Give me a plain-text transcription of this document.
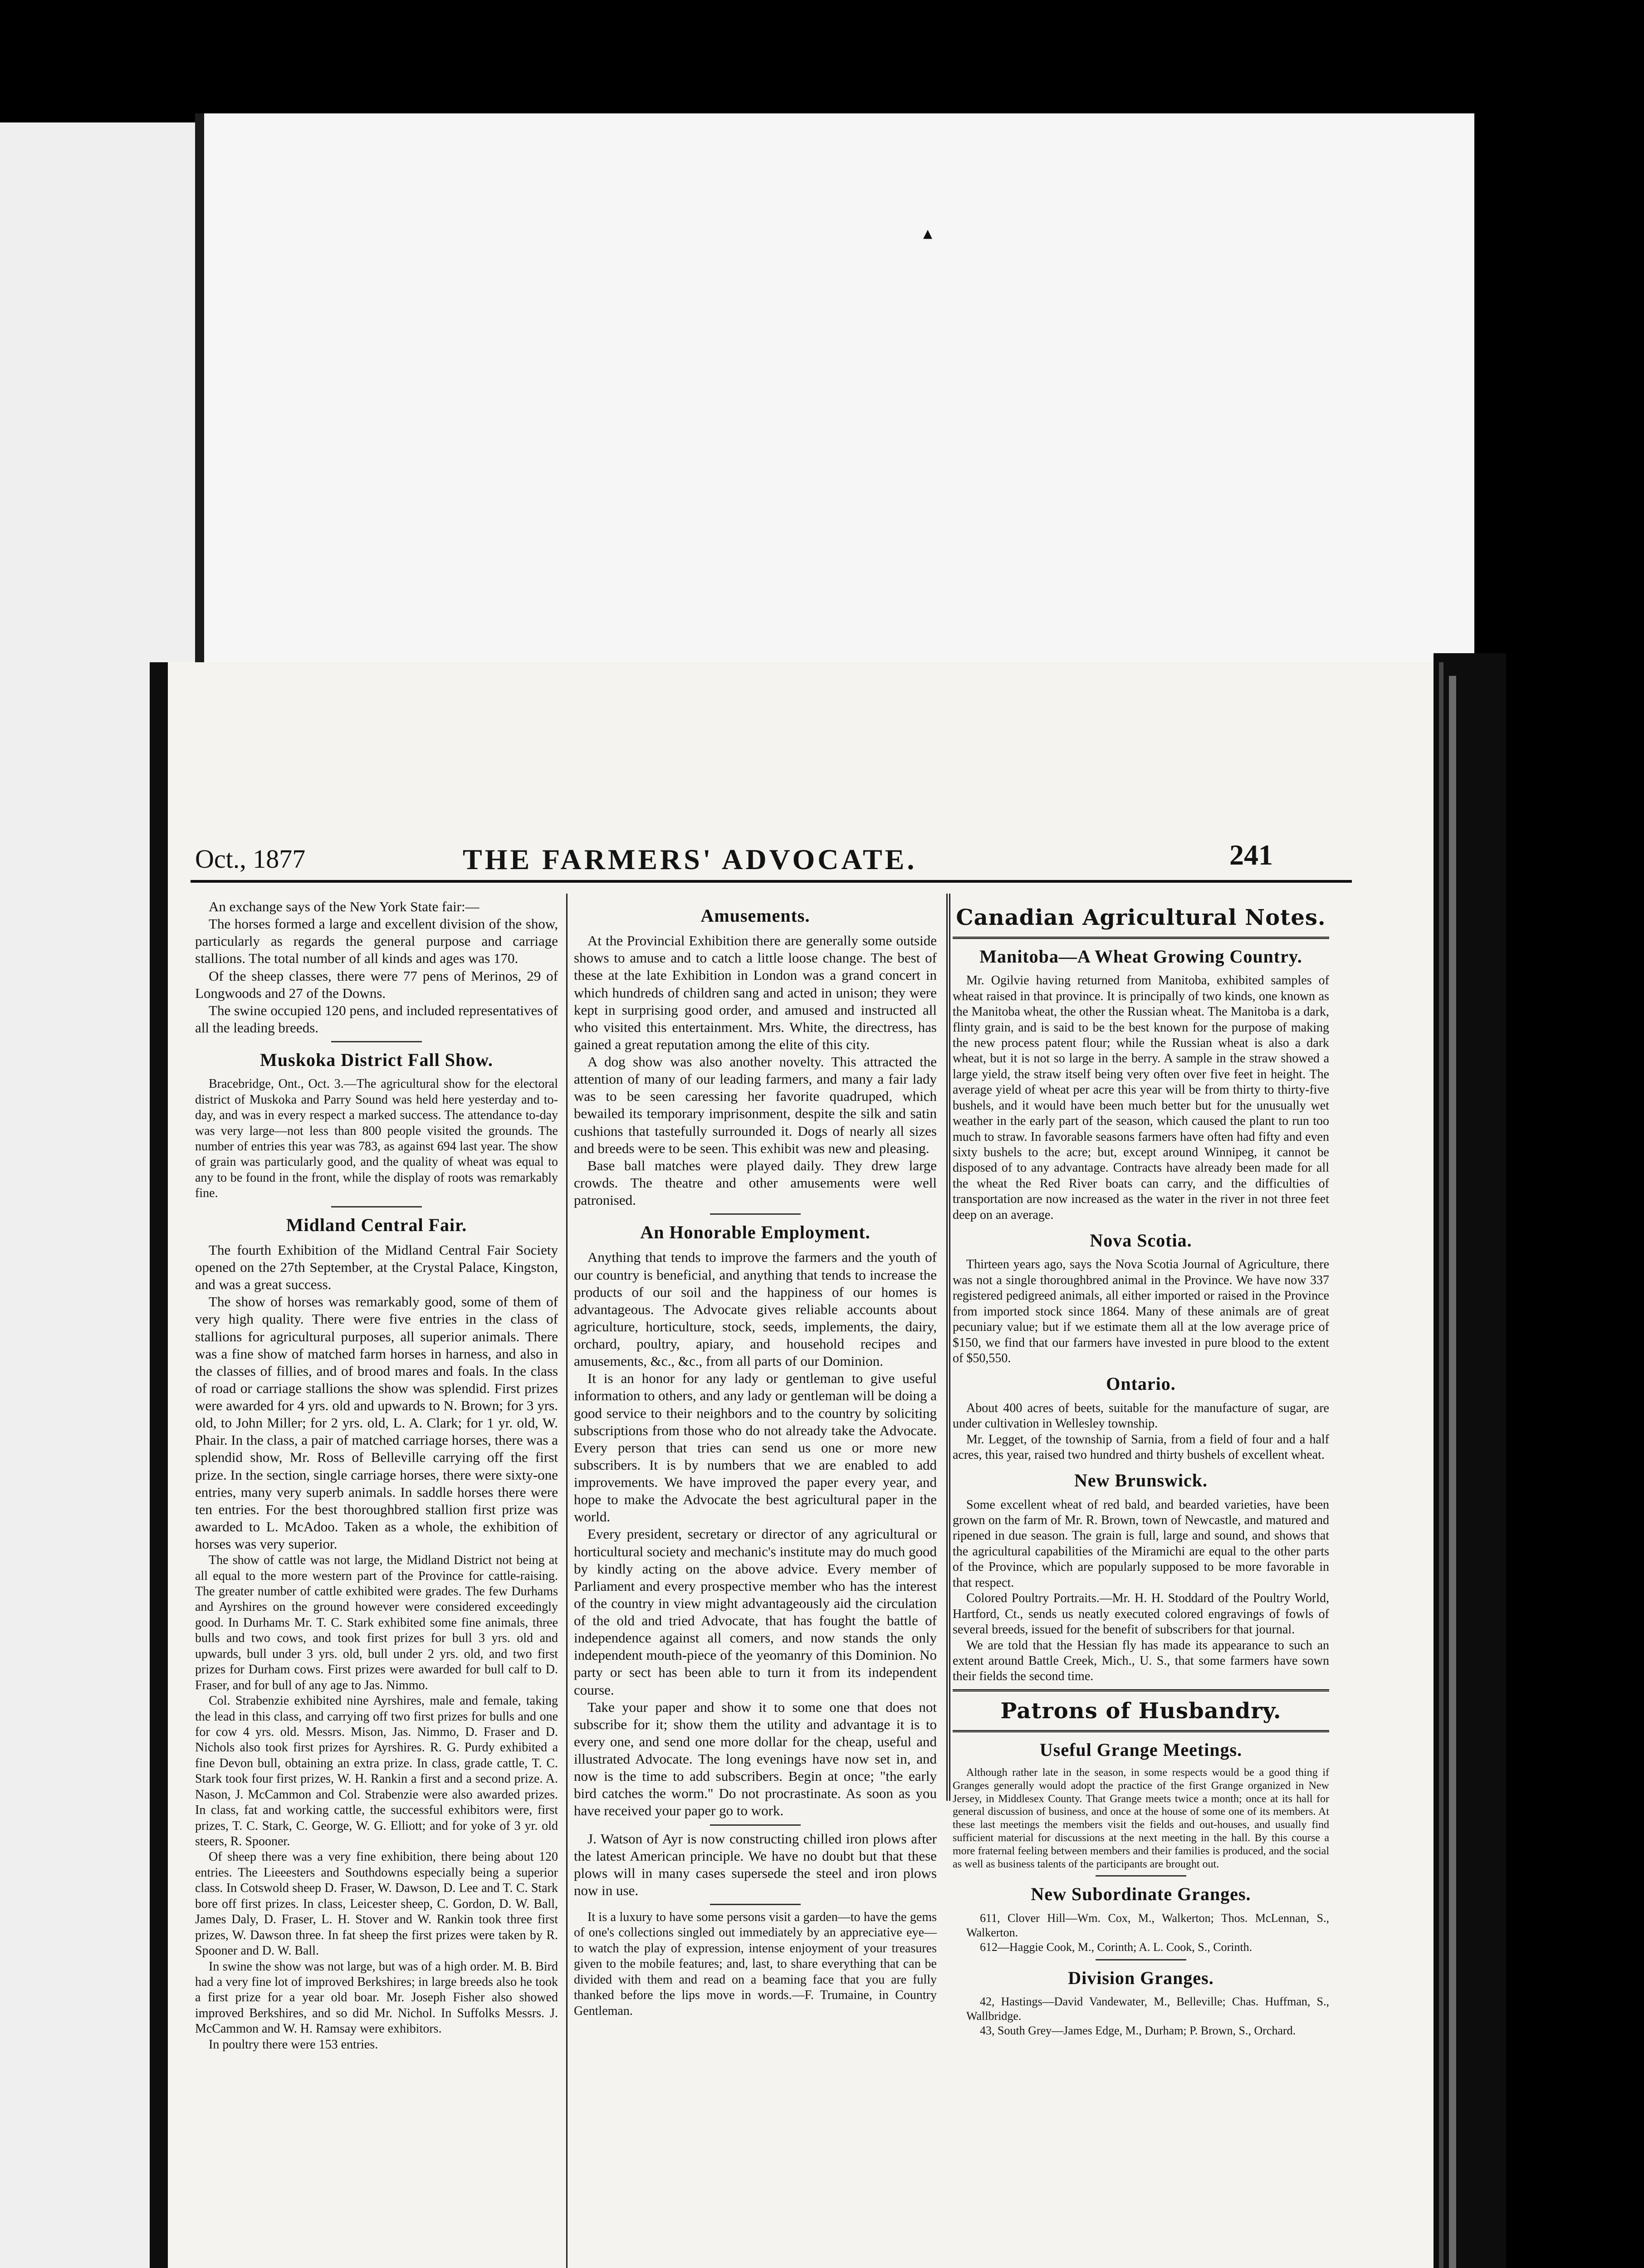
▴
Oct., 1877	THE FARMERS' ADVOCATE.	241

An exchange says of the New York State fair:—

The horses formed a large and excellent division of the show, particularly as regards the general purpose and carriage stallions. The total number of all kinds and ages was 170.

Of the sheep classes, there were 77 pens of Merinos, 29 of Longwoods and 27 of the Downs.

The swine occupied 120 pens, and included representatives of all the leading breeds.

Muskoka District Fall Show.

Bracebridge, Ont., Oct. 3.—The agricultural show for the electoral district of Muskoka and Parry Sound was held here yesterday and to-day, and was in every respect a marked success. The attendance to-day was very large—not less than 800 people visited the grounds. The number of entries this year was 783, as against 694 last year. The show of grain was particularly good, and the quality of wheat was equal to any to be found in the front, while the display of roots was remarkably fine.

Midland Central Fair.

The fourth Exhibition of the Midland Central Fair Society opened on the 27th September, at the Crystal Palace, Kingston, and was a great success.

The show of horses was remarkably good, some of them of very high quality. There were five entries in the class of stallions for agricultural purposes, all superior animals. There was a fine show of matched farm horses in harness, and also in the classes of fillies, and of brood mares and foals. In the class of road or carriage stallions the show was splendid. First prizes were awarded for 4 yrs. old and upwards to N. Brown; for 3 yrs. old, to John Miller; for 2 yrs. old, L. A. Clark; for 1 yr. old, W. Phair. In the class, a pair of matched carriage horses, there was a splendid show, Mr. Ross of Belleville carrying off the first prize. In the section, single carriage horses, there were sixty-one entries, many very superb animals. In saddle horses there were ten entries. For the best thoroughbred stallion first prize was awarded to L. McAdoo. Taken as a whole, the exhibition of horses was very superior.

The show of cattle was not large, the Midland District not being at all equal to the more western part of the Province for cattle-raising. The greater number of cattle exhibited were grades. The few Durhams and Ayrshires on the ground however were considered exceedingly good. In Durhams Mr. T. C. Stark exhibited some fine animals, three bulls and two cows, and took first prizes for bull 3 yrs. old and upwards, bull under 3 yrs. old, bull under 2 yrs. old, and two first prizes for Durham cows. First prizes were awarded for bull calf to D. Fraser, and for bull of any age to Jas. Nimmo.

Col. Strabenzie exhibited nine Ayrshires, male and female, taking the lead in this class, and carrying off two first prizes for bulls and one for cow 4 yrs. old. Messrs. Mison, Jas. Nimmo, D. Fraser and D. Nichols also took first prizes for Ayrshires. R. G. Purdy exhibited a fine Devon bull, obtaining an extra prize. In class, grade cattle, T. C. Stark took four first prizes, W. H. Rankin a first and a second prize. A. Nason, J. McCammon and Col. Strabenzie were also awarded prizes. In class, fat and working cattle, the successful exhibitors were, first prizes, T. C. Stark, C. George, W. G. Elliott; and for yoke of 3 yr. old steers, R. Spooner.

Of sheep there was a very fine exhibition, there being about 120 entries. The Lieeesters and Southdowns especially being a superior class. In Cotswold sheep D. Fraser, W. Dawson, D. Lee and T. C. Stark bore off first prizes. In class, Leicester sheep, C. Gordon, D. W. Ball, James Daly, D. Fraser, L. H. Stover and W. Rankin took three first prizes, W. Dawson three. In fat sheep the first prizes were taken by R. Spooner and D. W. Ball.

In swine the show was not large, but was of a high order. M. B. Bird had a very fine lot of improved Berkshires; in large breeds also he took a first prize for a year old boar. Mr. Joseph Fisher also showed improved Berkshires, and so did Mr. Nichol. In Suffolks Messrs. J. McCammon and W. H. Ramsay were exhibitors.

In poultry there were 153 entries.

Amusements.

At the Provincial Exhibition there are generally some outside shows to amuse and to catch a little loose change. The best of these at the late Exhibition in London was a grand concert in which hundreds of children sang and acted in unison; they were kept in surprising good order, and amused and instructed all who visited this entertainment. Mrs. White, the directress, has gained a great reputation among the elite of this city.

A dog show was also another novelty. This attracted the attention of many of our leading farmers, and many a fair lady was to be seen caressing her favorite quadruped, which bewailed its temporary imprisonment, despite the silk and satin cushions that tastefully surrounded it. Dogs of nearly all sizes and breeds were to be seen. This exhibit was new and pleasing.

Base ball matches were played daily. They drew large crowds. The theatre and other amusements were well patronised.

An Honorable Employment.

Anything that tends to improve the farmers and the youth of our country is beneficial, and anything that tends to increase the products of our soil and the happiness of our homes is advantageous. The Advocate gives reliable accounts about agriculture, horticulture, stock, seeds, implements, the dairy, orchard, poultry, apiary, and household recipes and amusements, &c., &c., from all parts of our Dominion.

It is an honor for any lady or gentleman to give useful information to others, and any lady or gentleman will be doing a good service to their neighbors and to the country by soliciting subscriptions from those who do not already take the Advocate. Every person that tries can send us one or more new subscribers. It is by numbers that we are enabled to add improvements. We have improved the paper every year, and hope to make the Advocate the best agricultural paper in the world.

Every president, secretary or director of any agricultural or horticultural society and mechanic's institute may do much good by kindly acting on the above advice. Every member of Parliament and every prospective member who has the interest of the country in view might advantageously aid the circulation of the old and tried Advocate, that has fought the battle of independence against all comers, and now stands the only independent mouth-piece of the yeomanry of this Dominion. No party or sect has been able to turn it from its independent course.

Take your paper and show it to some one that does not subscribe for it; show them the utility and advantage it is to every one, and send one more dollar for the cheap, useful and illustrated Advocate. The long evenings have now set in, and now is the time to add subscribers. Begin at once; "the early bird catches the worm." Do not procrastinate. As soon as you have received your paper go to work.

J. Watson of Ayr is now constructing chilled iron plows after the latest American principle. We have no doubt but that these plows will in many cases supersede the steel and iron plows now in use.

It is a luxury to have some persons visit a garden—to have the gems of one's collections singled out immediately by an appreciative eye—to watch the play of expression, intense enjoyment of your treasures given to the mobile features; and, last, to share everything that can be divided with them and read on a beaming face that you are fully thanked before the lips move in words.—F. Trumaine, in Country Gentleman.

Canadian Agricultural Notes.
Manitoba—A Wheat Growing Country.

Mr. Ogilvie having returned from Manitoba, exhibited samples of wheat raised in that province. It is principally of two kinds, one known as the Manitoba wheat, the other the Russian wheat. The Manitoba is a dark, flinty grain, and is said to be the best known for the purpose of making the new process patent flour; while the Russian wheat is also a dark wheat, but it is not so large in the berry. A sample in the straw showed a large yield, the straw itself being very often over five feet in height. The average yield of wheat per acre this year will be from thirty to thirty-five bushels, and it would have been much better but for the unusually wet weather in the early part of the season, which caused the plant to run too much to straw. In favorable seasons farmers have often had fifty and even sixty bushels to the acre; but, except around Winnipeg, it cannot be disposed of to any advantage. Contracts have already been made for all the wheat the Red River boats can carry, and the difficulties of transportation are now increased as the water in the river in not three feet deep on an average.

Nova Scotia.

Thirteen years ago, says the Nova Scotia Journal of Agriculture, there was not a single thoroughbred animal in the Province. We have now 337 registered pedigreed animals, all either imported or raised in the Province from imported stock since 1864. Many of these animals are of great pecuniary value; but if we estimate them all at the low average price of $150, we find that our farmers have invested in pure blood to the extent of $50,550.

Ontario.

About 400 acres of beets, suitable for the manufacture of sugar, are under cultivation in Wellesley township.

Mr. Legget, of the township of Sarnia, from a field of four and a half acres, this year, raised two hundred and thirty bushels of excellent wheat.

New Brunswick.

Some excellent wheat of red bald, and bearded varieties, have been grown on the farm of Mr. R. Brown, town of Newcastle, and matured and ripened in due season. The grain is full, large and sound, and shows that the agricultural capabilities of the Miramichi are equal to the other parts of the Province, which are popularly supposed to be more favorable in that respect.

Colored Poultry Portraits.—Mr. H. H. Stoddard of the Poultry World, Hartford, Ct., sends us neatly executed colored engravings of fowls of several breeds, issued for the benefit of subscribers for that journal.

We are told that the Hessian fly has made its appearance to such an extent around Battle Creek, Mich., U. S., that some farmers have sown their fields the second time.

Patrons of Husbandry.
Useful Grange Meetings.

Although rather late in the season, in some respects would be a good thing if Granges generally would adopt the practice of the first Grange organized in New Jersey, in Middlesex County. That Grange meets twice a month; once at its hall for general discussion of business, and once at the house of some one of its members. At these last meetings the members visit the fields and out-houses, and usually find sufficient material for discussions at the next meeting in the hall. By this course a more fraternal feeling between members and their families is produced, and the social as well as business talents of the participants are brought out.

New Subordinate Granges.

611, Clover Hill—Wm. Cox, M., Walkerton; Thos. McLennan, S., Walkerton.

612—Haggie Cook, M., Corinth; A. L. Cook, S., Corinth.

Division Granges.

42, Hastings—David Vandewater, M., Belleville; Chas. Huffman, S., Wallbridge.

43, South Grey—James Edge, M., Durham; P. Brown, S., Orchard.
